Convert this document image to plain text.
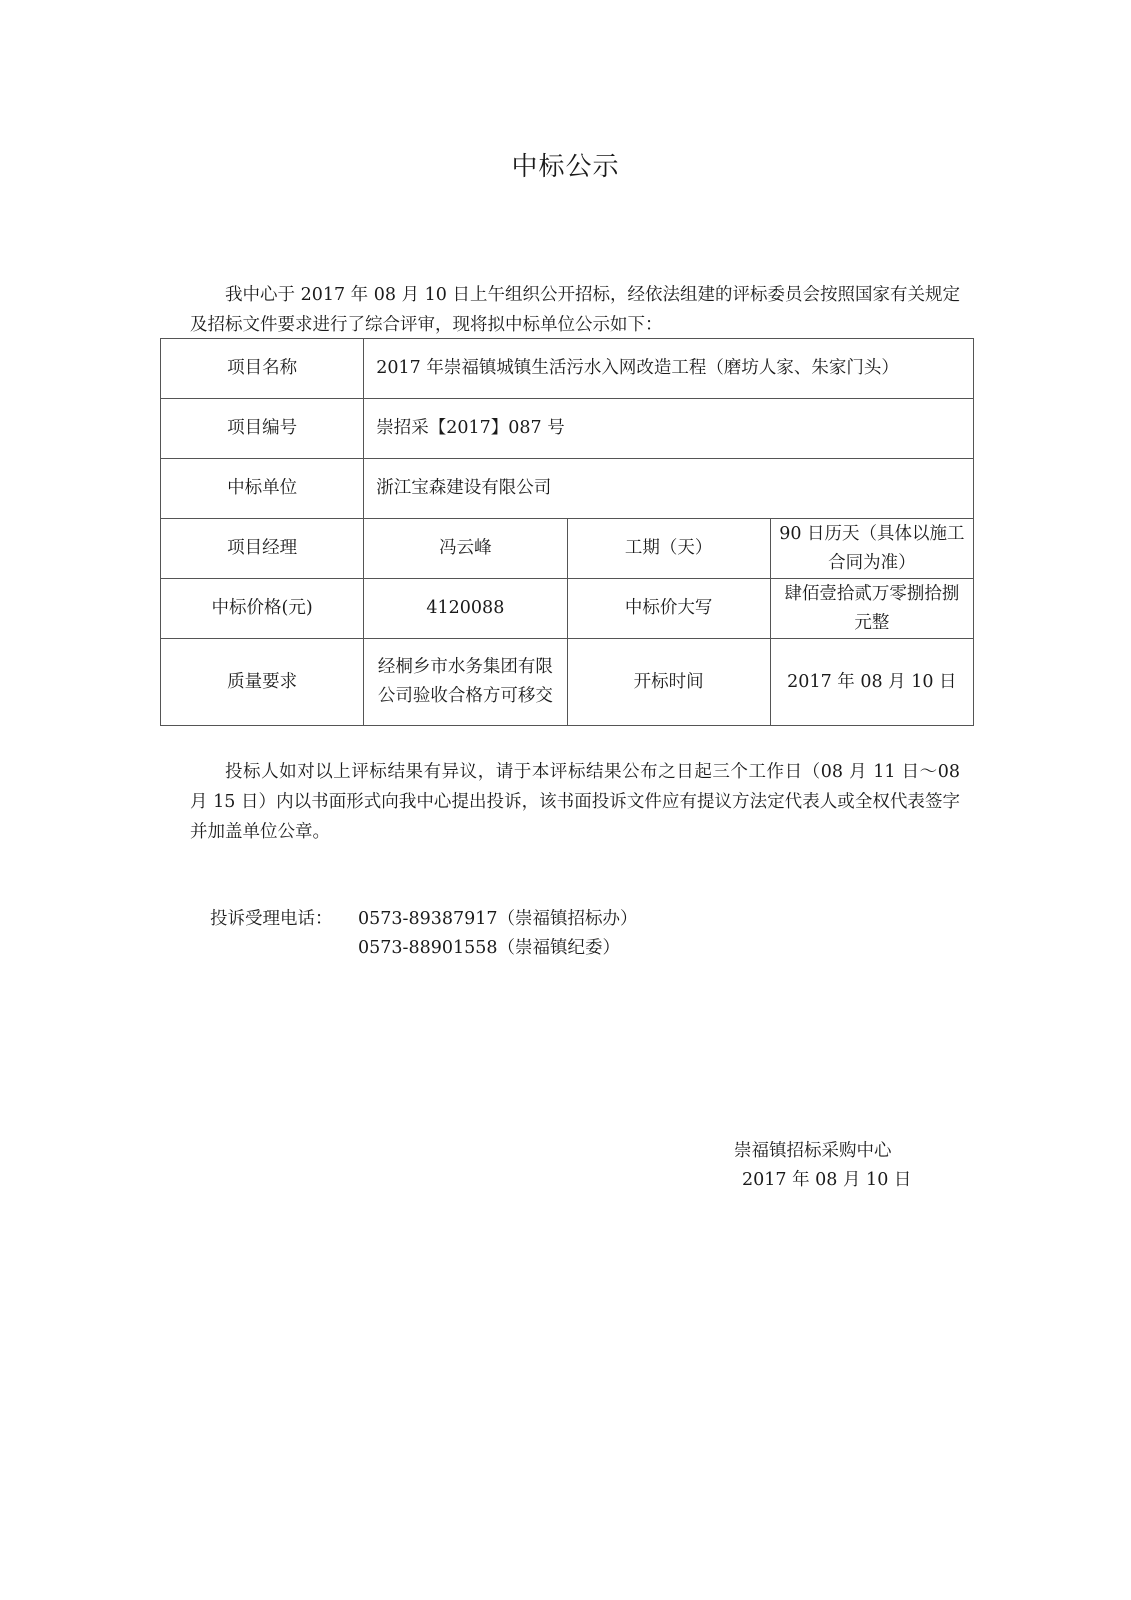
中标公示

我中心于 2017 年 08 月 10 日上午组织公开招标，经依法组建的评标委员会按照国家有关规定及招标文件要求进行了综合评审，现将拟中标单位公示如下：

项目名称	2017 年崇福镇城镇生活污水入网改造工程（磨坊人家、朱家门头）		
项目编号	崇招采【2017】087 号		
中标单位	浙江宝森建设有限公司		
项目经理	冯云峰	工期（天）	90 日历天（具体以施工合同为准）
中标价格(元)	4120088	中标价大写	肆佰壹拾贰万零捌拾捌元整
质量要求	经桐乡市水务集团有限公司验收合格方可移交	开标时间	2017 年 08 月 10 日

投标人如对以上评标结果有异议，请于本评标结果公布之日起三个工作日（08 月 11 日～08 月 15 日）内以书面形式向我中心提出投诉，该书面投诉文件应有提议方法定代表人或全权代表签字并加盖单位公章。

投诉受理电话： 0573-89387917（崇福镇招标办）
0573-88901558（崇福镇纪委）
崇福镇招标采购中心
2017 年 08 月 10 日
